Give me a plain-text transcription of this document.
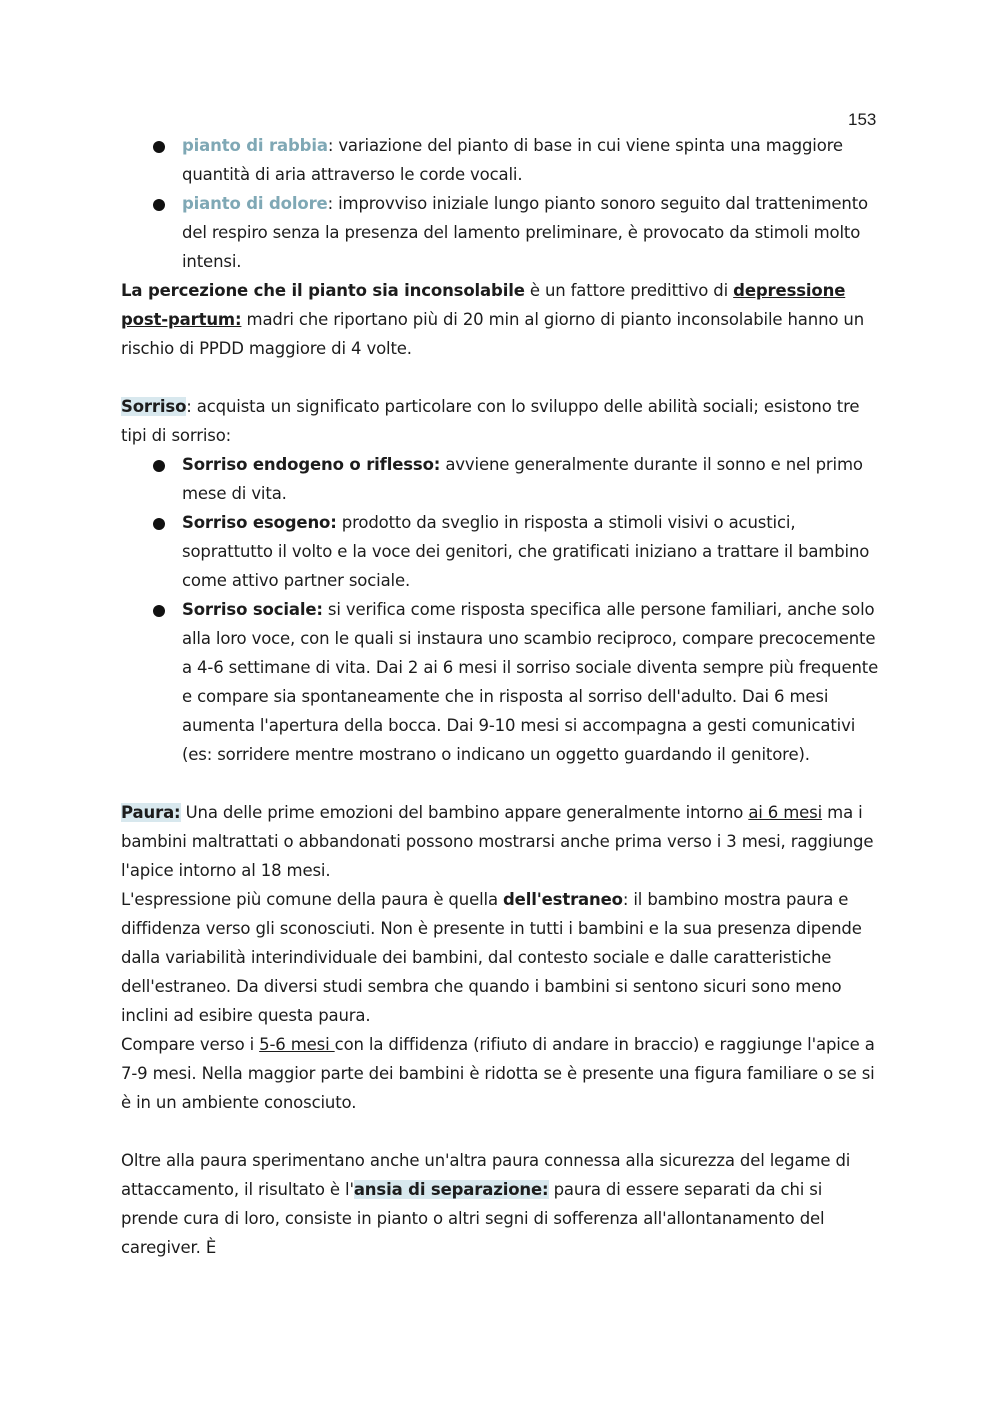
153
pianto di rabbia: variazione del pianto di base in cui viene spinta una maggiore quantità di aria attraverso le corde vocali.
pianto di dolore: improvviso iniziale lungo pianto sonoro seguito dal trattenimento del respiro senza la presenza del lamento preliminare, è provocato da stimoli molto intensi.

La percezione che il pianto sia inconsolabile è un fattore predittivo di depressione post-partum: madri che riportano più di 20 min al giorno di pianto inconsolabile hanno un rischio di PPDD maggiore di 4 volte.

Sorriso: acquista un significato particolare con lo sviluppo delle abilità sociali; esistono tre tipi di sorriso:

Sorriso endogeno o riflesso: avviene generalmente durante il sonno e nel primo mese di vita.
Sorriso esogeno: prodotto da sveglio in risposta a stimoli visivi o acustici, soprattutto il volto e la voce dei genitori, che gratificati iniziano a trattare il bambino come attivo partner sociale.
Sorriso sociale: si verifica come risposta specifica alle persone familiari, anche solo alla loro voce, con le quali si instaura uno scambio reciproco, compare precocemente a 4-6 settimane di vita. Dai 2 ai 6 mesi il sorriso sociale diventa sempre più frequente e compare sia spontaneamente che in risposta al sorriso dell'adulto. Dai 6 mesi aumenta l'apertura della bocca. Dai 9-10 mesi si accompagna a gesti comunicativi (es: sorridere mentre mostrano o indicano un oggetto guardando il genitore).

Paura: Una delle prime emozioni del bambino appare generalmente intorno ai 6 mesi ma i bambini maltrattati o abbandonati possono mostrarsi anche prima verso i 3 mesi, raggiunge l'apice intorno al 18 mesi.

L'espressione più comune della paura è quella dell'estraneo: il bambino mostra paura e diffidenza verso gli sconosciuti. Non è presente in tutti i bambini e la sua presenza dipende dalla variabilità interindividuale dei bambini, dal contesto sociale e dalle caratteristiche dell'estraneo. Da diversi studi sembra che quando i bambini si sentono sicuri sono meno inclini ad esibire questa paura.

Compare verso i 5-6 mesi con la diffidenza (rifiuto di andare in braccio) e raggiunge l'apice a 7-9 mesi. Nella maggior parte dei bambini è ridotta se è presente una figura familiare o se si è in un ambiente conosciuto.

Oltre alla paura sperimentano anche un'altra paura connessa alla sicurezza del legame di attaccamento, il risultato è l'ansia di separazione: paura di essere separati da chi si prende cura di loro, consiste in pianto o altri segni di sofferenza all'allontanamento del caregiver. È
